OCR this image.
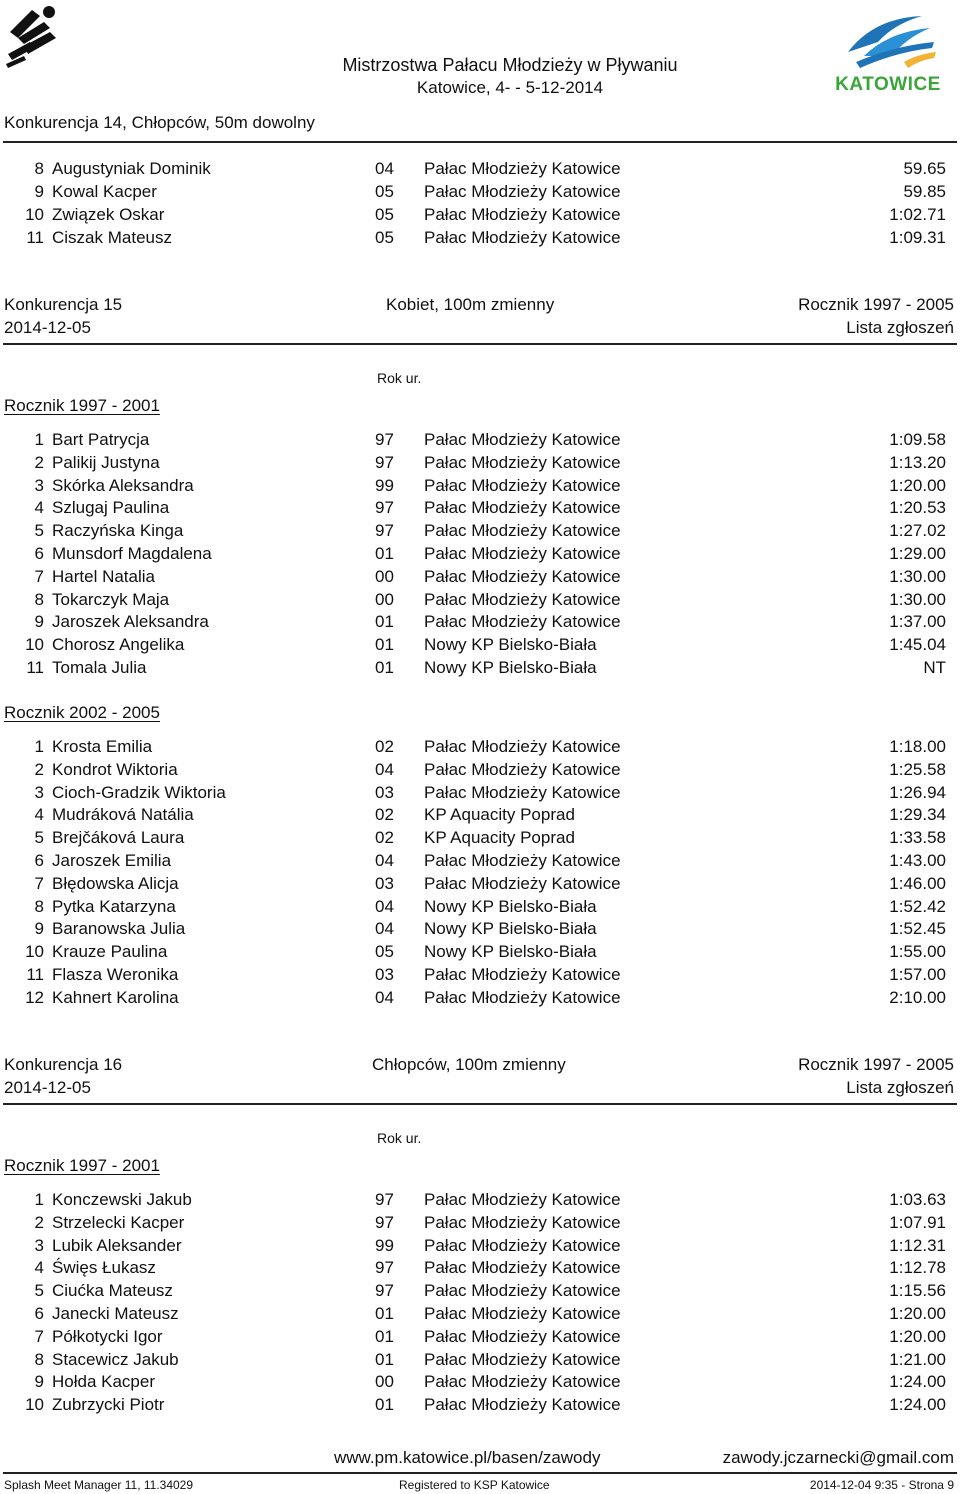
KATOWICE
Mistrzostwa Pałacu Młodzieży w Pływaniu
Katowice, 4- - 5-12-2014
Konkurencja 14, Chłopców, 50m dowolny
8 Augustyniak Dominik	04 Pałac Młodzieży Katowice	59.65
9 Kowal Kacper	05 Pałac Młodzieży Katowice	59.85
10 Związek Oskar	05 Pałac Młodzieży Katowice	1:02.71
11 Ciszak Mateusz	05 Pałac Młodzieży Katowice	1:09.31
Konkurencja 15	Kobiet, 100m zmienny	Rocznik 1997 - 2005
2014-12-05	Lista zgłoszeń
Rok ur.
Rocznik 1997 - 2001
1 Bart Patrycja	97 Pałac Młodzieży Katowice	1:09.58
2 Palikij Justyna	97 Pałac Młodzieży Katowice	1:13.20
3 Skórka Aleksandra	99 Pałac Młodzieży Katowice	1:20.00
4 Szlugaj Paulina	97 Pałac Młodzieży Katowice	1:20.53
5 Raczyńska Kinga	97 Pałac Młodzieży Katowice	1:27.02
6 Munsdorf Magdalena	01 Pałac Młodzieży Katowice	1:29.00
7 Hartel Natalia	00 Pałac Młodzieży Katowice	1:30.00
8 Tokarczyk Maja	00 Pałac Młodzieży Katowice	1:30.00
9 Jaroszek Aleksandra	01 Pałac Młodzieży Katowice	1:37.00
10 Chorosz Angelika	01 Nowy KP Bielsko-Biała	1:45.04
11 Tomala Julia	01 Nowy KP Bielsko-Biała	NT
Rocznik 2002 - 2005
1 Krosta Emilia	02 Pałac Młodzieży Katowice	1:18.00
2 Kondrot Wiktoria	04 Pałac Młodzieży Katowice	1:25.58
3 Cioch-Gradzik Wiktoria	03 Pałac Młodzieży Katowice	1:26.94
4 Mudráková Natália	02 KP Aquacity Poprad	1:29.34
5 Brejčáková Laura	02 KP Aquacity Poprad	1:33.58
6 Jaroszek Emilia	04 Pałac Młodzieży Katowice	1:43.00
7 Błędowska Alicja	03 Pałac Młodzieży Katowice	1:46.00
8 Pytka Katarzyna	04 Nowy KP Bielsko-Biała	1:52.42
9 Baranowska Julia	04 Nowy KP Bielsko-Biała	1:52.45
10 Krauze Paulina	05 Nowy KP Bielsko-Biała	1:55.00
11 Flasza Weronika	03 Pałac Młodzieży Katowice	1:57.00
12 Kahnert Karolina	04 Pałac Młodzieży Katowice	2:10.00
Konkurencja 16	Chłopców, 100m zmienny	Rocznik 1997 - 2005
2014-12-05	Lista zgłoszeń
Rok ur.
Rocznik 1997 - 2001
1 Konczewski Jakub	97 Pałac Młodzieży Katowice	1:03.63
2 Strzelecki Kacper	97 Pałac Młodzieży Katowice	1:07.91
3 Lubik Aleksander	99 Pałac Młodzieży Katowice	1:12.31
4 Święs Łukasz	97 Pałac Młodzieży Katowice	1:12.78
5 Ciućka Mateusz	97 Pałac Młodzieży Katowice	1:15.56
6 Janecki Mateusz	01 Pałac Młodzieży Katowice	1:20.00
7 Półkotycki Igor	01 Pałac Młodzieży Katowice	1:20.00
8 Stacewicz Jakub	01 Pałac Młodzieży Katowice	1:21.00
9 Hołda Kacper	00 Pałac Młodzieży Katowice	1:24.00
10 Zubrzycki Piotr	01 Pałac Młodzieży Katowice	1:24.00
www.pm.katowice.pl/basen/zawody	zawody.jczarnecki@gmail.com
Splash Meet Manager 11, 11.34029	Registered to KSP Katowice	2014-12-04 9:35 - Strona 9
